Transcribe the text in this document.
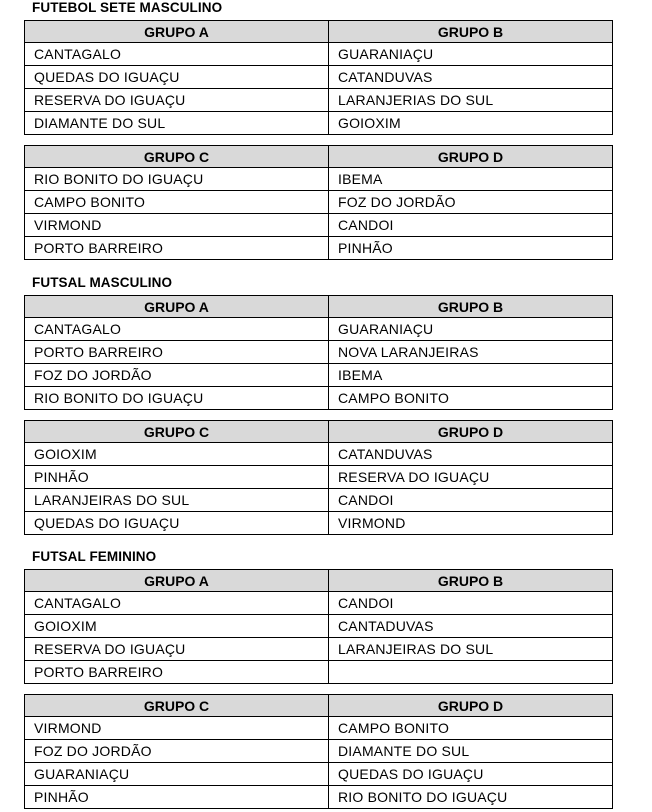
FUTEBOL SETE MASCULINO
GRUPO A	GRUPO B
CANTAGALO	GUARANIAÇU
QUEDAS DO IGUAÇU	CATANDUVAS
RESERVA DO IGUAÇU	LARANJERIAS DO SUL
DIAMANTE DO SUL	GOIOXIM
GRUPO C	GRUPO D
RIO BONITO DO IGUAÇU	IBEMA
CAMPO BONITO	FOZ DO JORDÃO
VIRMOND	CANDOI
PORTO BARREIRO	PINHÃO
FUTSAL MASCULINO
GRUPO A	GRUPO B
CANTAGALO	GUARANIAÇU
PORTO BARREIRO	NOVA LARANJEIRAS
FOZ DO JORDÃO	IBEMA
RIO BONITO DO IGUAÇU	CAMPO BONITO
GRUPO C	GRUPO D
GOIOXIM	CATANDUVAS
PINHÃO	RESERVA DO IGUAÇU
LARANJEIRAS DO SUL	CANDOI
QUEDAS DO IGUAÇU	VIRMOND
FUTSAL FEMININO
GRUPO A	GRUPO B
CANTAGALO	CANDOI
GOIOXIM	CANTADUVAS
RESERVA DO IGUAÇU	LARANJEIRAS DO SUL
PORTO BARREIRO	
GRUPO C	GRUPO D
VIRMOND	CAMPO BONITO
FOZ DO JORDÃO	DIAMANTE DO SUL
GUARANIAÇU	QUEDAS DO IGUAÇU
PINHÃO	RIO BONITO DO IGUAÇU
